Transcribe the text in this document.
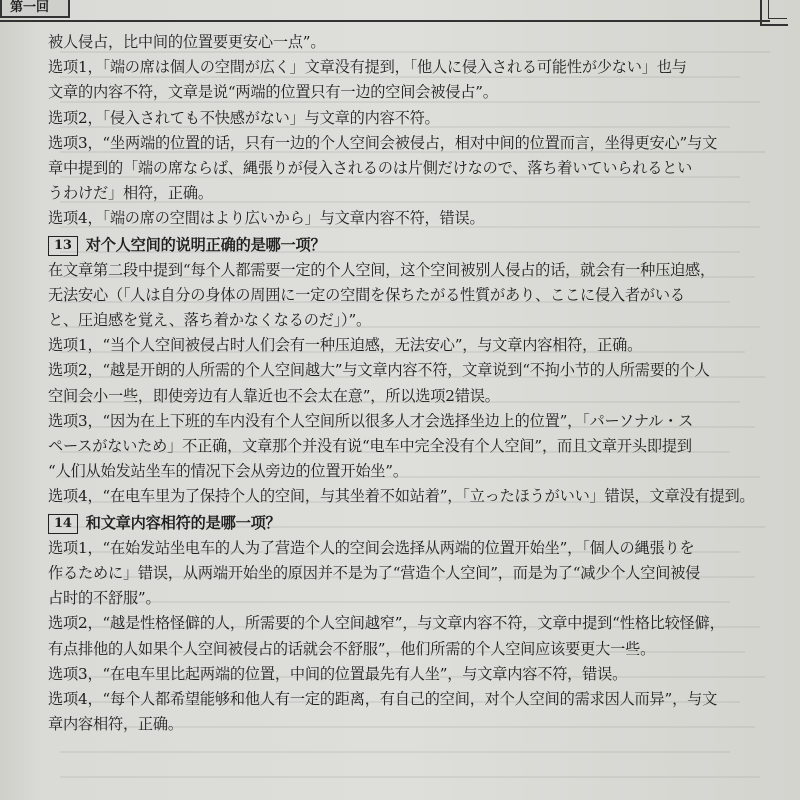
第一回
被人侵占，比中间的位置要更安心一点”。
选项1，「端の席は個人の空間が広く」文章没有提到，「他人に侵入される可能性が少ない」也与
文章的内容不符，文章是说“两端的位置只有一边的空间会被侵占”。
选项2，「侵入されても不快感がない」与文章的内容不符。
选项3，“坐两端的位置的话，只有一边的个人空间会被侵占，相对中间的位置而言，坐得更安心”与文
章中提到的「端の席ならば、縄張りが侵入されるのは片側だけなので、落ち着いていられるとい
うわけだ」相符，正确。
选项4，「端の席の空間はより広いから」与文章内容不符，错误。
13 对个人空间的说明正确的是哪一项？
在文章第二段中提到“每个人都需要一定的个人空间，这个空间被别人侵占的话，就会有一种压迫感，
无法安心（「人は自分の身体の周囲に一定の空間を保ちたがる性質があり、ここに侵入者がいる
と、圧迫感を覚え、落ち着かなくなるのだ」）”。
选项1，“当个人空间被侵占时人们会有一种压迫感，无法安心”，与文章内容相符，正确。
选项2，“越是开朗的人所需的个人空间越大”与文章内容不符，文章说到“不拘小节的人所需要的个人
空间会小一些，即使旁边有人靠近也不会太在意”，所以选项2错误。
选项3，“因为在上下班的车内没有个人空间所以很多人才会选择坐边上的位置”，「パーソナル・ス
ペースがないため」不正确，文章那个并没有说“电车中完全没有个人空间”，而且文章开头即提到
“人们从始发站坐车的情况下会从旁边的位置开始坐”。
选项4，“在电车里为了保持个人的空间，与其坐着不如站着”，「立ったほうがいい」错误，文章没有提到。
14 和文章内容相符的是哪一项？
选项1，“在始发站坐电车的人为了营造个人的空间会选择从两端的位置开始坐”，「個人の縄張りを
作るために」错误，从两端开始坐的原因并不是为了“营造个人空间”，而是为了“减少个人空间被侵
占时的不舒服”。
选项2，“越是性格怪僻的人，所需要的个人空间越窄”，与文章内容不符，文章中提到“性格比较怪僻，
有点排他的人如果个人空间被侵占的话就会不舒服”，他们所需的个人空间应该要更大一些。
选项3，“在电车里比起两端的位置，中间的位置最先有人坐”，与文章内容不符，错误。
选项4，“每个人都希望能够和他人有一定的距离，有自己的空间，对个人空间的需求因人而异”，与文
章内容相符，正确。
